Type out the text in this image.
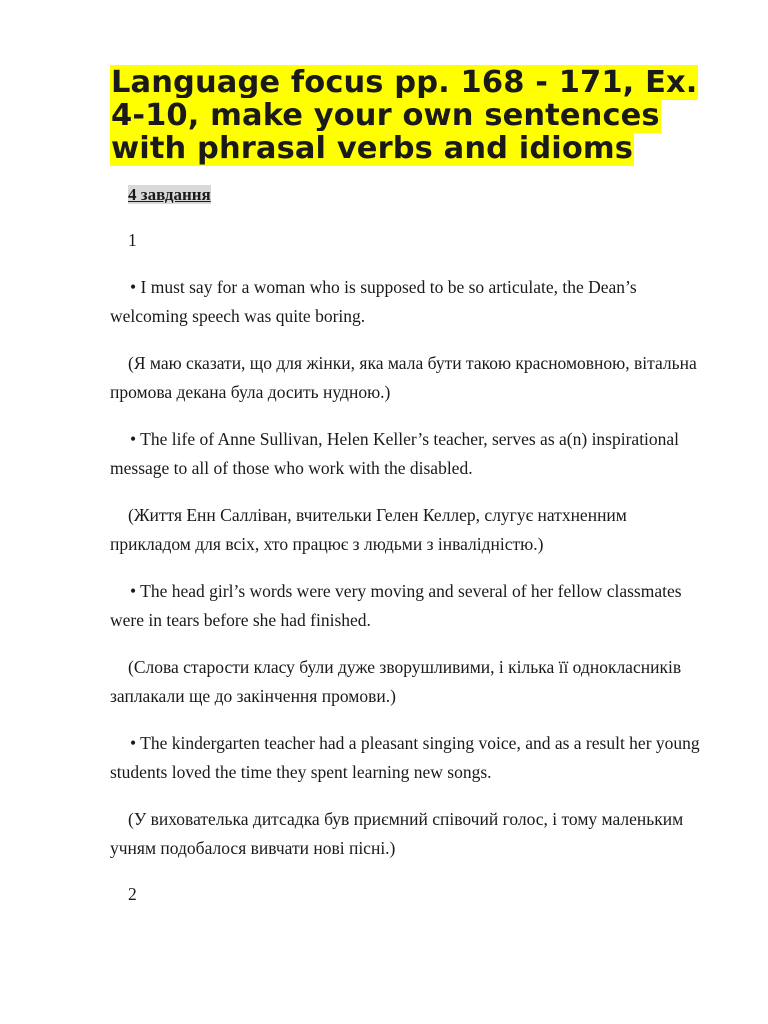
Language focus pp. 168 - 171, Ex. 4-10, make your own sentences with phrasal verbs and idioms
4 завдання
1
• I must say for a woman who is supposed to be so articulate, the Dean’s welcoming speech was quite boring.
(Я маю сказати, що для жінки, яка мала бути такою красномовною, вітальна промова декана була досить нудною.)
• The life of Anne Sullivan, Helen Keller’s teacher, serves as a(n) inspirational message to all of those who work with the disabled.
(Життя Енн Салліван, вчительки Гелен Келлер, слугує натхненним прикладом для всіх, хто працює з людьми з інвалідністю.)
• The head girl’s words were very moving and several of her fellow classmates were in tears before she had finished.
(Слова старости класу були дуже зворушливими, і кілька її однокласників заплакали ще до закінчення промови.)
• The kindergarten teacher had a pleasant singing voice, and as a result her young students loved the time they spent learning new songs.
(У вихователька дитсадка був приємний співочий голос, і тому маленьким учням подобалося вивчати нові пісні.)
2
